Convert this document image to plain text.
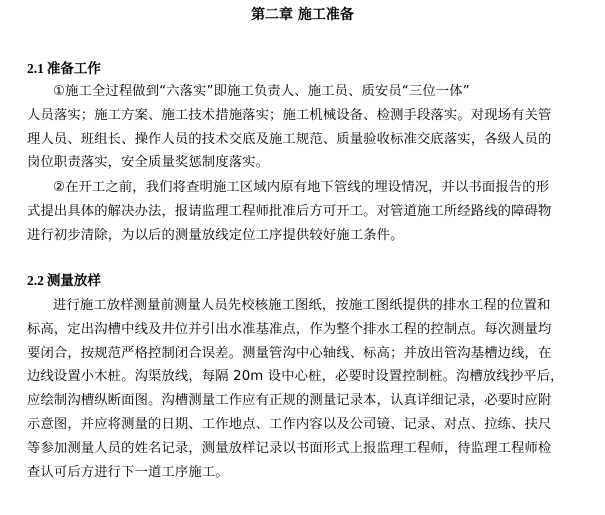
第二章 施工准备
2.1 准备工作
①施工全过程做到“六落实”即施工负责人、施工员、质安员“三位一体”
人员落实；施工方案、施工技术措施落实；施工机械设备、检测手段落实。对现场有关管
理人员、班组长、操作人员的技术交底及施工规范、质量验收标准交底落实，各级人员的
岗位职责落实，安全质量奖惩制度落实。
②在开工之前，我们将查明施工区域内原有地下管线的埋设情况，并以书面报告的形
式提出具体的解决办法，报请监理工程师批准后方可开工。对管道施工所经路线的障碍物
进行初步清除，为以后的测量放线定位工序提供较好施工条件。
2.2 测量放样
进行施工放样测量前测量人员先校核施工图纸，按施工图纸提供的排水工程的位置和
标高，定出沟槽中线及井位并引出水准基准点，作为整个排水工程的控制点。每次测量均
要闭合，按规范严格控制闭合误差。测量管沟中心轴线、标高；并放出管沟基槽边线，在
边线设置小木桩。沟渠放线，每隔 20m 设中心桩，必要时设置控制桩。沟槽放线抄平后，
应绘制沟槽纵断面图。沟槽测量工作应有正规的测量记录本，认真详细记录，必要时应附
示意图，并应将测量的日期、工作地点、工作内容以及公司镜、记录、对点、拉练、扶尺
等参加测量人员的姓名记录，测量放样记录以书面形式上报监理工程师，待监理工程师检
查认可后方进行下一道工序施工。
